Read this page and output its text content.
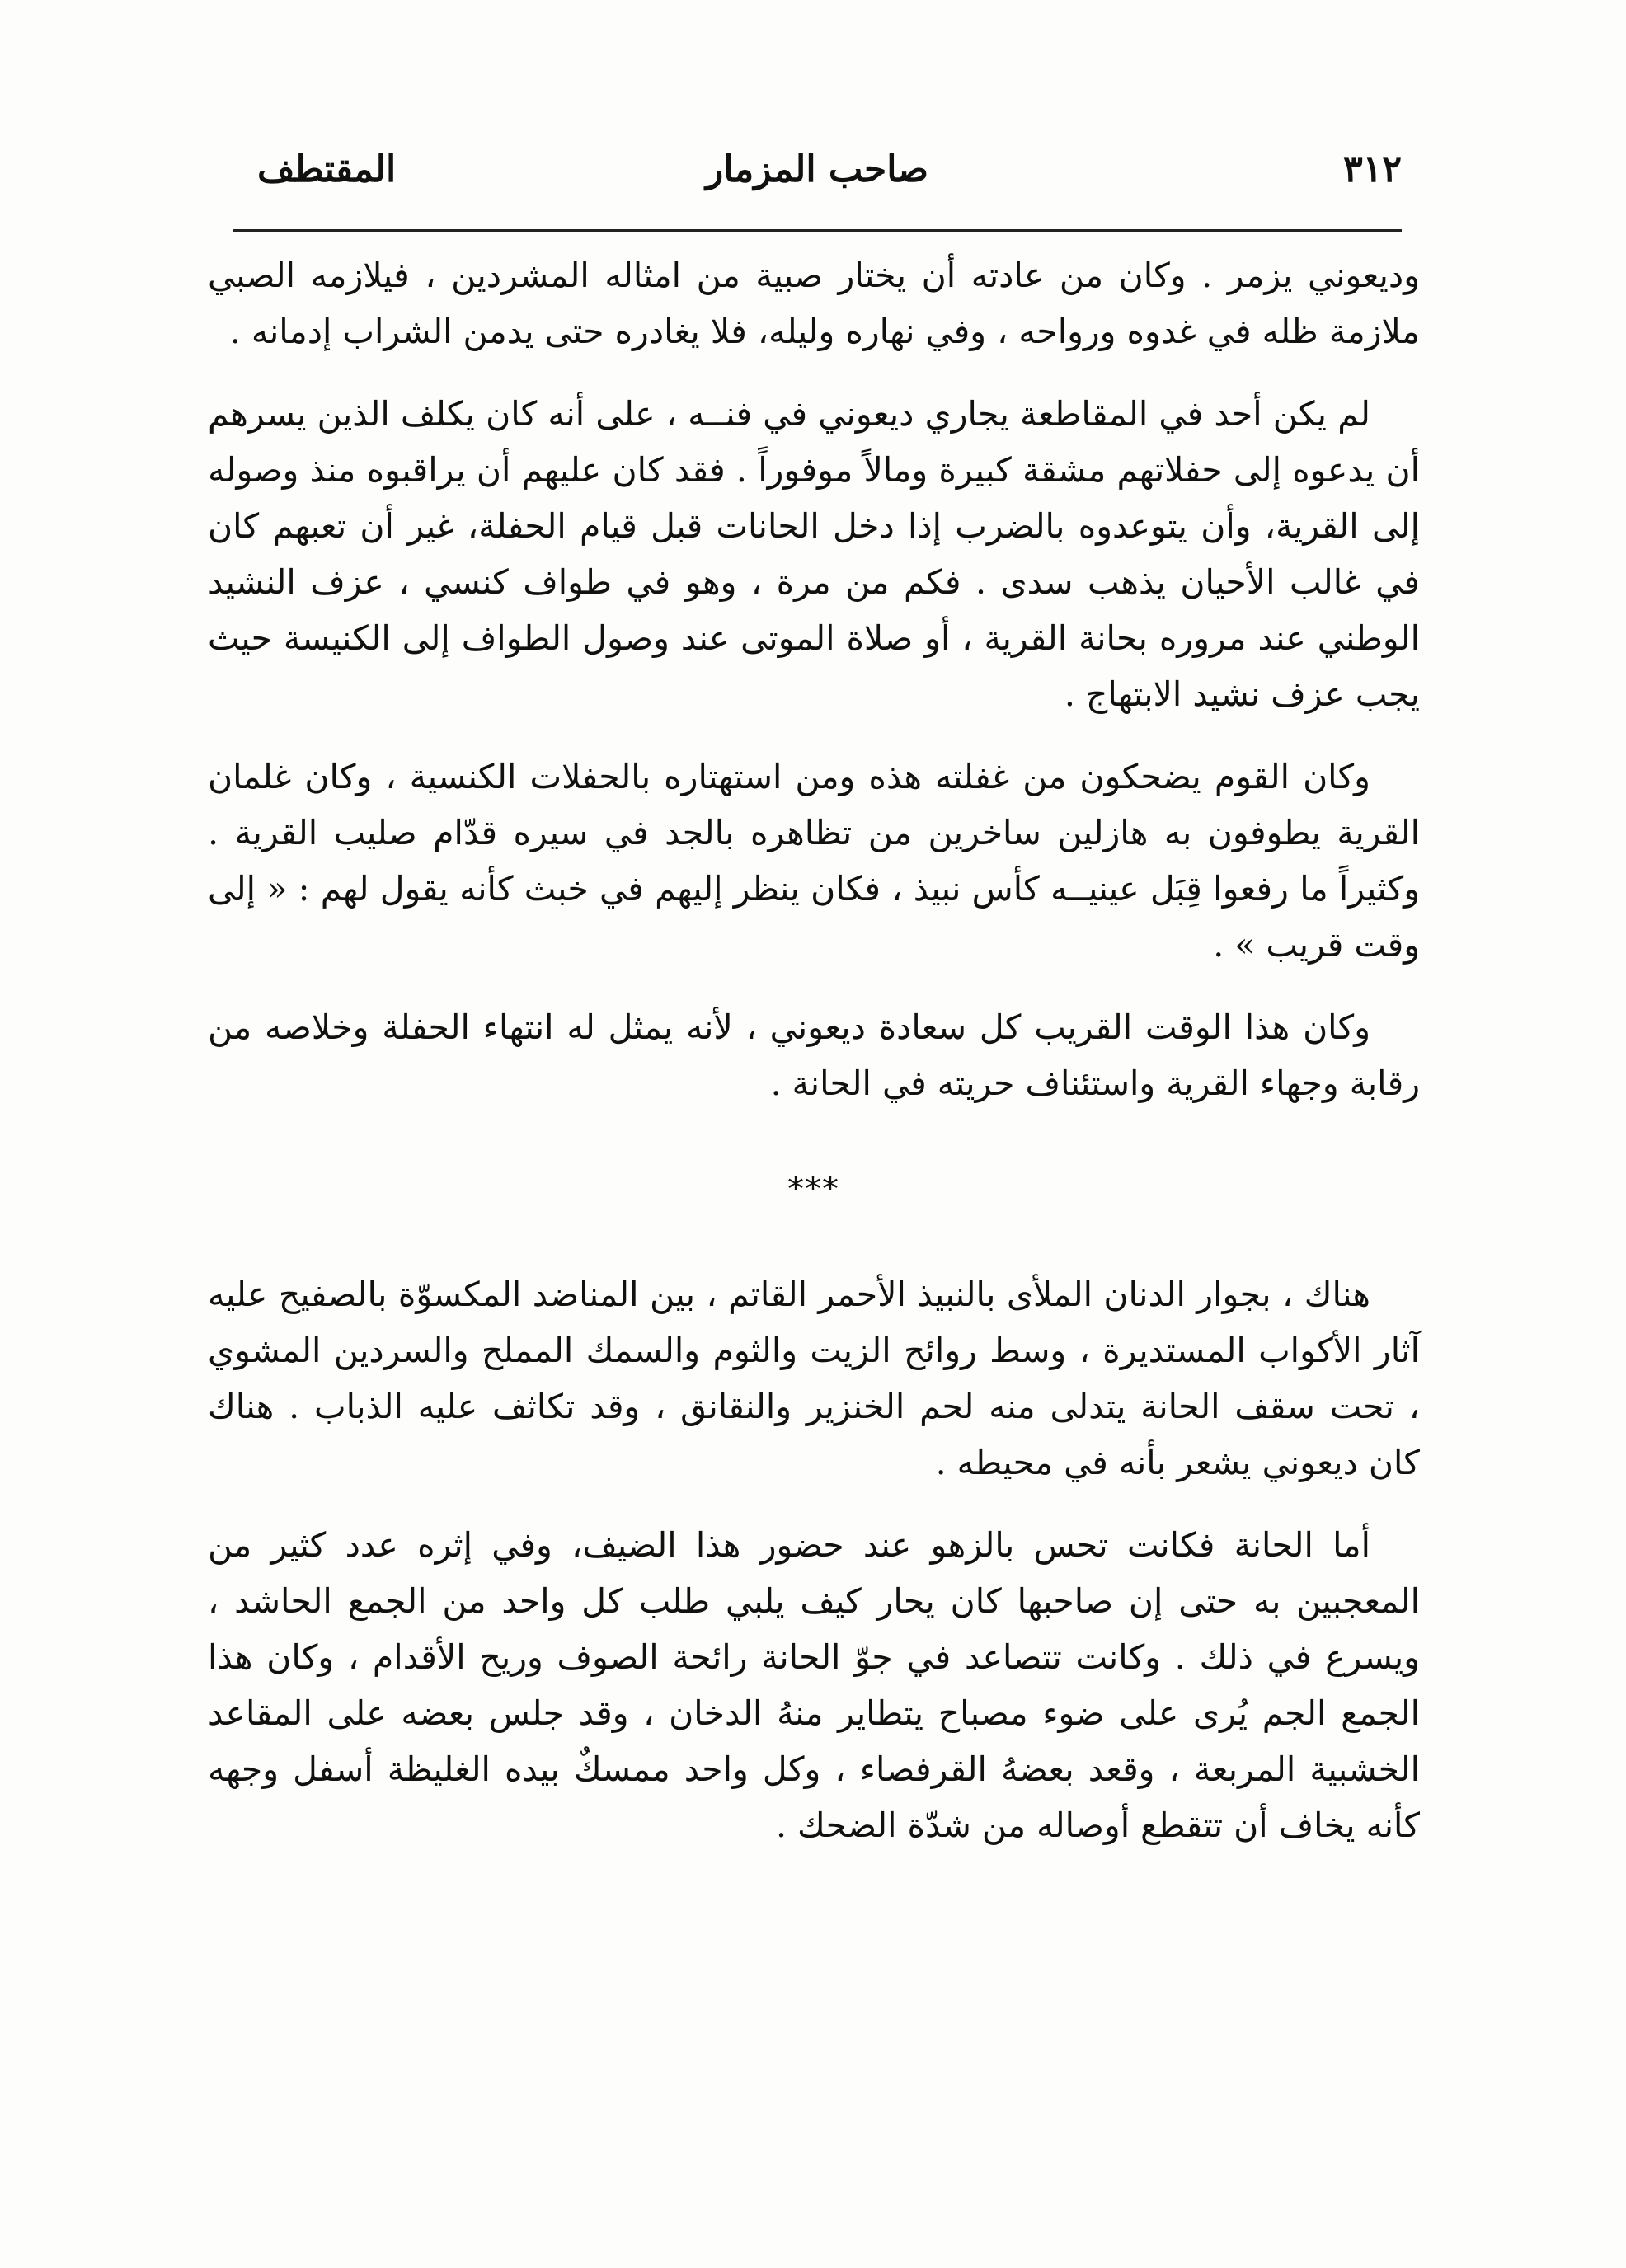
٣١٢
صاحب المزمار
المقتطف

وديعوني يزمر . وكان من عادته أن يختار صبية من امثاله المشردين ، فيلازمه الصبي ملازمة ظله في غدوه ورواحه ، وفي نهاره وليله، فلا يغادره حتى يدمن الشراب إدمانه .

لم يكن أحد في المقاطعة يجاري ديعوني في فنــه ، على أنه كان يكلف الذين يسرهم أن يدعوه إلى حفلاتهم مشقة كبيرة ومالاً موفوراً . فقد كان عليهم أن يراقبوه منذ وصوله إلى القرية، وأن يتوعدوه بالضرب إذا دخل الحانات قبل قيام الحفلة، غير أن تعبهم كان في غالب الأحيان يذهب سدى . فكم من مرة ، وهو في طواف كنسي ، عزف النشيد الوطني عند مروره بحانة القرية ، أو صلاة الموتى عند وصول الطواف إلى الكنيسة حيث يجب عزف نشيد الابتهاج .

وكان القوم يضحكون من غفلته هذه ومن استهتاره بالحفلات الكنسية ، وكان غلمان القرية يطوفون به هازلين ساخرين من تظاهره بالجد في سيره قدّام صليب القرية . وكثيراً ما رفعوا قِبَل عينيــه كأس نبيذ ، فكان ينظر إليهم في خبث كأنه يقول لهم : « إلى وقت قريب » .

وكان هذا الوقت القريب كل سعادة ديعوني ، لأنه يمثل له انتهاء الحفلة وخلاصه من رقابة وجهاء القرية واستئناف حريته في الحانة .

***

هناك ، بجوار الدنان الملأى بالنبيذ الأحمر القاتم ، بين المناضد المكسوّة بالصفيح عليه آثار الأكواب المستديرة ، وسط روائح الزيت والثوم والسمك المملح والسردين المشوي ، تحت سقف الحانة يتدلى منه لحم الخنزير والنقانق ، وقد تكاثف عليه الذباب . هناك كان ديعوني يشعر بأنه في محيطه .

أما الحانة فكانت تحس بالزهو عند حضور هذا الضيف، وفي إثره عدد كثير من المعجبين به حتى إن صاحبها كان يحار كيف يلبي طلب كل واحد من الجمع الحاشد ، ويسرع في ذلك . وكانت تتصاعد في جوّ الحانة رائحة الصوف وريح الأقدام ، وكان هذا الجمع الجم يُرى على ضوء مصباح يتطاير منهُ الدخان ، وقد جلس بعضه على المقاعد الخشبية المربعة ، وقعد بعضهُ القرفصاء ، وكل واحد ممسكٌ بيده الغليظة أسفل وجهه كأنه يخاف أن تتقطع أوصاله من شدّة الضحك .
